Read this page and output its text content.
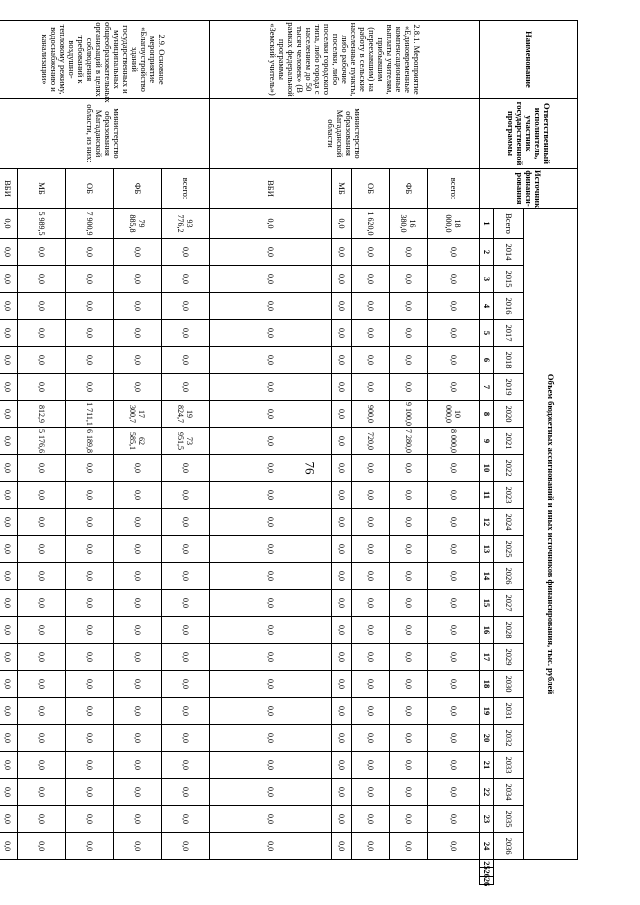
76
Наименование	Ответственный исполнитель, участник государственной программы	Источник финанси-рования	Объем бюджетных ассигнований и иных источников финансирования, тыс. рублей																										
			Всего	2014	2015	2016	2017	2018	2019	2020	2021	2022	2023	2024	2025	2026	2027	2028	2029	2030	2031	2032	2033	2034	2035	2036			
			1	2	3	4	5	6	7	8	9	10	11	12	13	14	15	16	17	18	19	20	21	22	23	24	25	26	26
2.8.1. Мероприятие «Единовременные компенсационные выплаты учителям, прибывшим (переехавшим) на работу в сельские населенные пункты, либо рабочие поселки, либо поселки городского типа, либо города с населением до 50 тысяч человек» (В рамках федеральной программы «Земский учитель»)	министерство образования Магаданской области	всего:	18 000,0	0,0	0,0	0,0	0,0	0,0	0,0	10 000,0	8 000,0	0,0	0,0	0,0	0,0	0,0	0,0	0,0	0,0	0,0	0,0	0,0	0,0	0,0	0,0	0,0			
		ФБ	16 380,0	0,0	0,0	0,0	0,0	0,0	0,0	9 100,0	7 280,0	0,0	0,0	0,0	0,0	0,0	0,0	0,0	0,0	0,0	0,0	0,0	0,0	0,0	0,0	0,0			
		ОБ	1 620,0	0,0	0,0	0,0	0,0	0,0	0,0	900,0	720,0	0,0	0,0	0,0	0,0	0,0	0,0	0,0	0,0	0,0	0,0	0,0	0,0	0,0	0,0	0,0			
		МБ	0,0	0,0	0,0	0,0	0,0	0,0	0,0	0,0	0,0	0,0	0,0	0,0	0,0	0,0	0,0	0,0	0,0	0,0	0,0	0,0	0,0	0,0	0,0	0,0			
		ВБИ	0,0	0,0	0,0	0,0	0,0	0,0	0,0	0,0	0,0	0,0	0,0	0,0	0,0	0,0	0,0	0,0	0,0	0,0	0,0	0,0	0,0	0,0	0,0	0,0			
2.9. Основное мероприятие «Благоустройство зданий государственных и муниципальных общеобразовательных организаций в целях соблюдения требований к воздушно-тепловому режиму, водоснабжению и канализации»	министерство образования Магаданской области, из них:	всего:	93 776,2	0,0	0,0	0,0	0,0	0,0	0,0	19 824,7	73 951,5	0,0	0,0	0,0	0,0	0,0	0,0	0,0	0,0	0,0	0,0	0,0	0,0	0,0	0,0	0,0			
		ФБ	79 885,8	0,0	0,0	0,0	0,0	0,0	0,0	17 300,7	62 585,1	0,0	0,0	0,0	0,0	0,0	0,0	0,0	0,0	0,0	0,0	0,0	0,0	0,0	0,0	0,0			
		ОБ	7 900,9	0,0	0,0	0,0	0,0	0,0	0,0	1 711,1	6 189,8	0,0	0,0	0,0	0,0	0,0	0,0	0,0	0,0	0,0	0,0	0,0	0,0	0,0	0,0	0,0			
		МБ	5 989,5	0,0	0,0	0,0	0,0	0,0	0,0	812,9	5 176,6	0,0	0,0	0,0	0,0	0,0	0,0	0,0	0,0	0,0	0,0	0,0	0,0	0,0	0,0	0,0			
		ВБИ	0,0	0,0	0,0	0,0	0,0	0,0	0,0	0,0	0,0	0,0	0,0	0,0	0,0	0,0	0,0	0,0	0,0	0,0	0,0	0,0	0,0	0,0	0,0	0,0			
